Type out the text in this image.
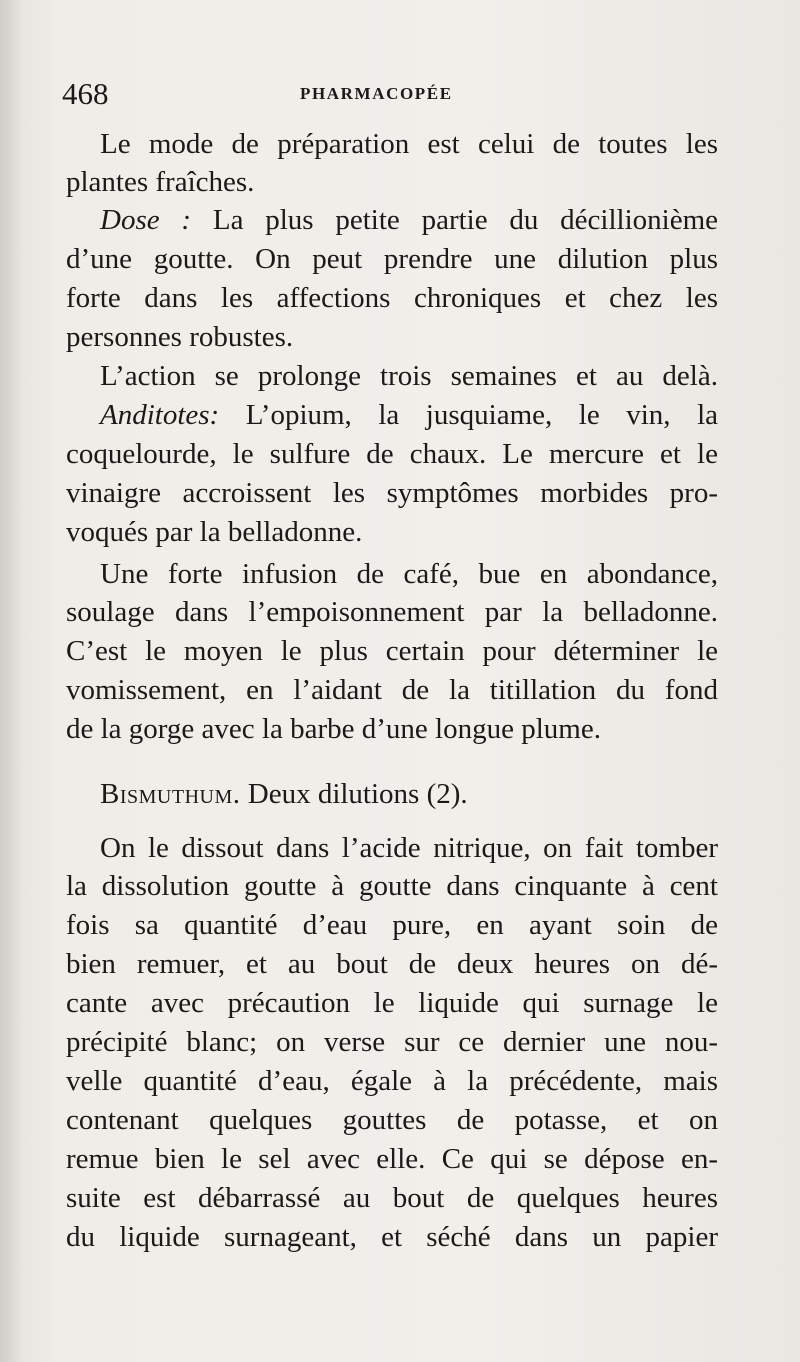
468	PHARMACOPÉE
Le mode de préparation est celui de toutes les
plantes fraîches.
Dose : La plus petite partie du décillionième
d’une goutte. On peut prendre une dilution plus
forte dans les affections chroniques et chez les
personnes robustes.
L’action se prolonge trois semaines et au delà.
Anditotes: L’opium, la jusquiame, le vin, la
coquelourde, le sulfure de chaux. Le mercure et le
vinaigre accroissent les symptômes morbides pro-
voqués par la belladonne.
Une forte infusion de café, bue en abondance,
soulage dans l’empoisonnement par la belladonne.
C’est le moyen le plus certain pour déterminer le
vomissement, en l’aidant de la titillation du fond
de la gorge avec la barbe d’une longue plume.
Bismuthum. Deux dilutions (2).
On le dissout dans l’acide nitrique, on fait tomber
la dissolution goutte à goutte dans cinquante à cent
fois sa quantité d’eau pure, en ayant soin de
bien remuer, et au bout de deux heures on dé-
cante avec précaution le liquide qui surnage le
précipité blanc; on verse sur ce dernier une nou-
velle quantité d’eau, égale à la précédente, mais
contenant quelques gouttes de potasse, et on
remue bien le sel avec elle. Ce qui se dépose en-
suite est débarrassé au bout de quelques heures
du liquide surnageant, et séché dans un papier
